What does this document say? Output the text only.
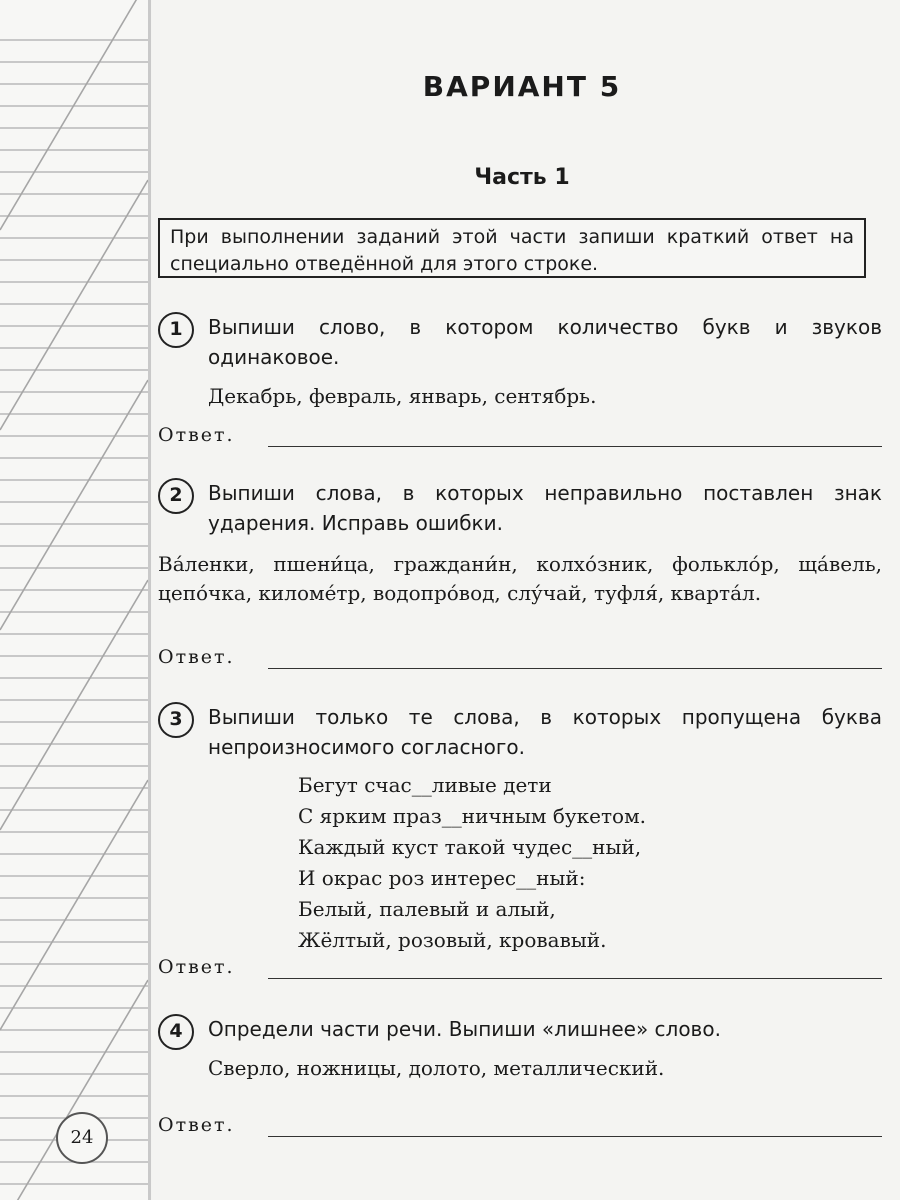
ВАРИАНТ 5
Часть 1
При выполнении заданий этой части запиши краткий ответ на специально отведённой для этого строке.
1	Выпиши слово, в котором количество букв и звуков одинаковое.
Декабрь, февраль, январь, сентябрь.
Ответ.
2	Выпиши слова, в которых неправильно поставлен знак ударения. Исправь ошибки.
Ва́ленки, пшени́ца, граждани́н, колхо́зник, фолькло́р, ща́вель, цепо́чка, киломе́тр, водопро́вод, слу́чай, туфля́, кварта́л.
Ответ.
3	Выпиши только те слова, в которых пропущена буква непроизносимого согласного.
Бегут счас__ливые дети
С ярким праз__ничным букетом.
Каждый куст такой чудес__ный,
И окрас роз интерес__ный:
Белый, палевый и алый,
Жёлтый, розовый, кровавый.
Ответ.
4	Определи части речи. Выпиши «лишнее» слово.
Сверло, ножницы, долото, металлический.
Ответ.
24
